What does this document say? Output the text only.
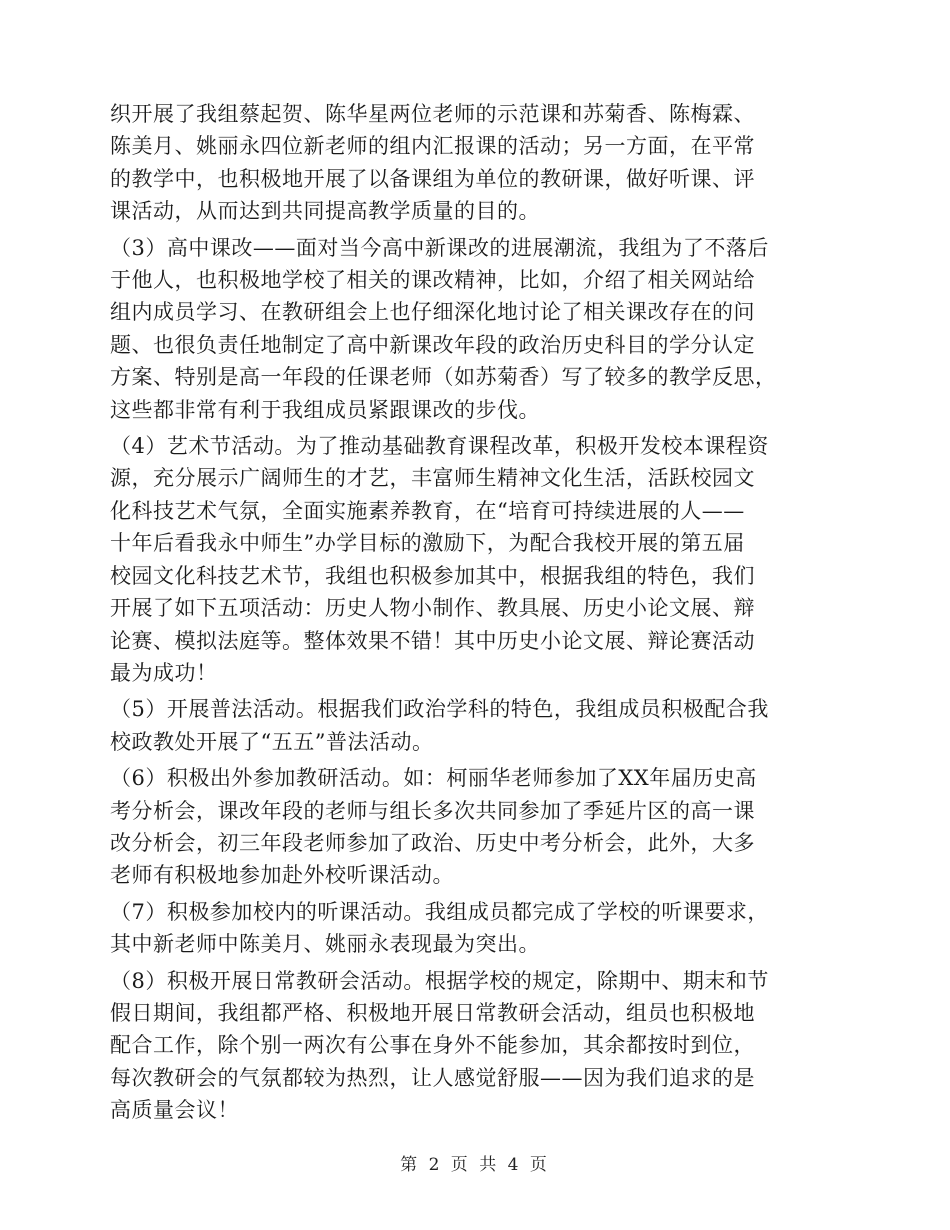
织开展了我组蔡起贺、陈华星两位老师的示范课和苏菊香、陈梅霖、
陈美月、姚丽永四位新老师的组内汇报课的活动；另一方面，在平常
的教学中，也积极地开展了以备课组为单位的教研课，做好听课、评
课活动，从而达到共同提高教学质量的目的。
（3）高中课改——面对当今高中新课改的进展潮流，我组为了不落后
于他人，也积极地学校了相关的课改精神，比如，介绍了相关网站给
组内成员学习、在教研组会上也仔细深化地讨论了相关课改存在的问
题、也很负责任地制定了高中新课改年段的政治历史科目的学分认定
方案、特别是高一年段的任课老师（如苏菊香）写了较多的教学反思，
这些都非常有利于我组成员紧跟课改的步伐。
（4）艺术节活动。为了推动基础教育课程改革，积极开发校本课程资
源，充分展示广阔师生的才艺，丰富师生精神文化生活，活跃校园文
化科技艺术气氛，全面实施素养教育，在“培育可持续进展的人——
十年后看我永中师生”办学目标的激励下，为配合我校开展的第五届
校园文化科技艺术节，我组也积极参加其中，根据我组的特色，我们
开展了如下五项活动：历史人物小制作、教具展、历史小论文展、辩
论赛、模拟法庭等。整体效果不错！其中历史小论文展、辩论赛活动
最为成功！
（5）开展普法活动。根据我们政治学科的特色，我组成员积极配合我
校政教处开展了“五五”普法活动。
（6）积极出外参加教研活动。如：柯丽华老师参加了XX年届历史高
考分析会，课改年段的老师与组长多次共同参加了季延片区的高一课
改分析会，初三年段老师参加了政治、历史中考分析会，此外，大多
老师有积极地参加赴外校听课活动。
（7）积极参加校内的听课活动。我组成员都完成了学校的听课要求，
其中新老师中陈美月、姚丽永表现最为突出。
（8）积极开展日常教研会活动。根据学校的规定，除期中、期末和节
假日期间，我组都严格、积极地开展日常教研会活动，组员也积极地
配合工作，除个别一两次有公事在身外不能参加，其余都按时到位，
每次教研会的气氛都较为热烈，让人感觉舒服——因为我们追求的是
高质量会议！
第 2 页 共 4 页
